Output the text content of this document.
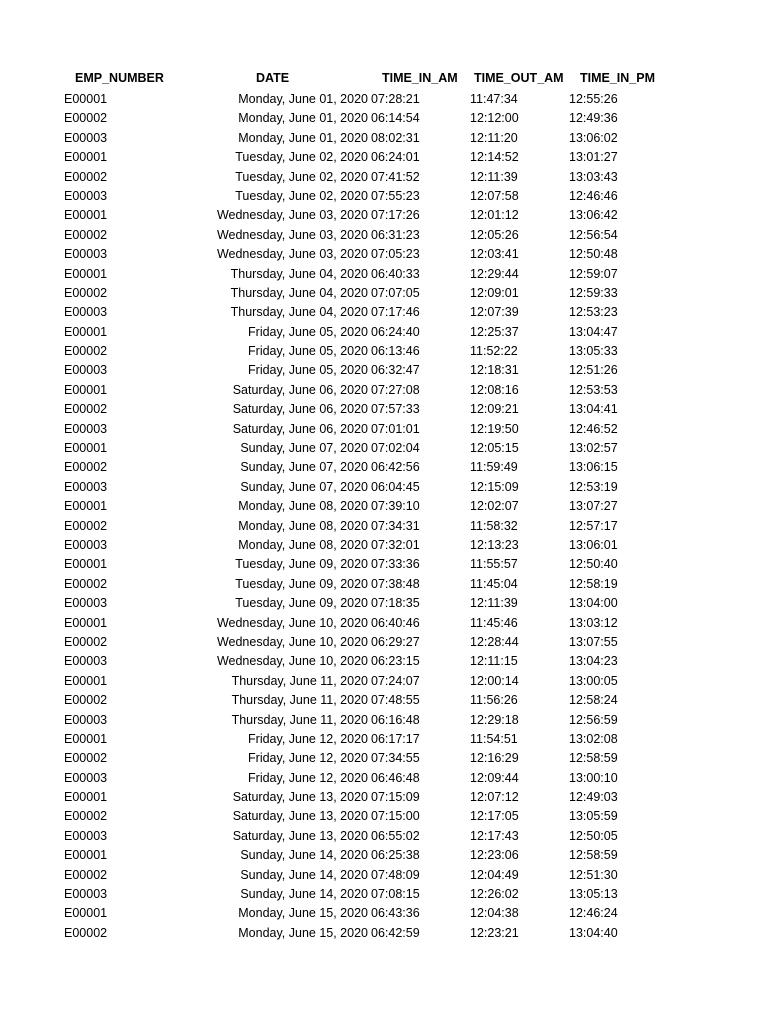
EMP_NUMBER	DATE	TIME_IN_AM	TIME_OUT_AM	TIME_IN_PM
E00001	Monday, June 01, 2020 07:28:21	11:47:34	12:55:26
E00002	Monday, June 01, 2020 06:14:54	12:12:00	12:49:36
E00003	Monday, June 01, 2020 08:02:31	12:11:20	13:06:02
E00001	Tuesday, June 02, 2020 06:24:01	12:14:52	13:01:27
E00002	Tuesday, June 02, 2020 07:41:52	12:11:39	13:03:43
E00003	Tuesday, June 02, 2020 07:55:23	12:07:58	12:46:46
E00001	Wednesday, June 03, 2020 07:17:26	12:01:12	13:06:42
E00002	Wednesday, June 03, 2020 06:31:23	12:05:26	12:56:54
E00003	Wednesday, June 03, 2020 07:05:23	12:03:41	12:50:48
E00001	Thursday, June 04, 2020 06:40:33	12:29:44	12:59:07
E00002	Thursday, June 04, 2020 07:07:05	12:09:01	12:59:33
E00003	Thursday, June 04, 2020 07:17:46	12:07:39	12:53:23
E00001	Friday, June 05, 2020 06:24:40	12:25:37	13:04:47
E00002	Friday, June 05, 2020 06:13:46	11:52:22	13:05:33
E00003	Friday, June 05, 2020 06:32:47	12:18:31	12:51:26
E00001	Saturday, June 06, 2020 07:27:08	12:08:16	12:53:53
E00002	Saturday, June 06, 2020 07:57:33	12:09:21	13:04:41
E00003	Saturday, June 06, 2020 07:01:01	12:19:50	12:46:52
E00001	Sunday, June 07, 2020 07:02:04	12:05:15	13:02:57
E00002	Sunday, June 07, 2020 06:42:56	11:59:49	13:06:15
E00003	Sunday, June 07, 2020 06:04:45	12:15:09	12:53:19
E00001	Monday, June 08, 2020 07:39:10	12:02:07	13:07:27
E00002	Monday, June 08, 2020 07:34:31	11:58:32	12:57:17
E00003	Monday, June 08, 2020 07:32:01	12:13:23	13:06:01
E00001	Tuesday, June 09, 2020 07:33:36	11:55:57	12:50:40
E00002	Tuesday, June 09, 2020 07:38:48	11:45:04	12:58:19
E00003	Tuesday, June 09, 2020 07:18:35	12:11:39	13:04:00
E00001	Wednesday, June 10, 2020 06:40:46	11:45:46	13:03:12
E00002	Wednesday, June 10, 2020 06:29:27	12:28:44	13:07:55
E00003	Wednesday, June 10, 2020 06:23:15	12:11:15	13:04:23
E00001	Thursday, June 11, 2020 07:24:07	12:00:14	13:00:05
E00002	Thursday, June 11, 2020 07:48:55	11:56:26	12:58:24
E00003	Thursday, June 11, 2020 06:16:48	12:29:18	12:56:59
E00001	Friday, June 12, 2020 06:17:17	11:54:51	13:02:08
E00002	Friday, June 12, 2020 07:34:55	12:16:29	12:58:59
E00003	Friday, June 12, 2020 06:46:48	12:09:44	13:00:10
E00001	Saturday, June 13, 2020 07:15:09	12:07:12	12:49:03
E00002	Saturday, June 13, 2020 07:15:00	12:17:05	13:05:59
E00003	Saturday, June 13, 2020 06:55:02	12:17:43	12:50:05
E00001	Sunday, June 14, 2020 06:25:38	12:23:06	12:58:59
E00002	Sunday, June 14, 2020 07:48:09	12:04:49	12:51:30
E00003	Sunday, June 14, 2020 07:08:15	12:26:02	13:05:13
E00001	Monday, June 15, 2020 06:43:36	12:04:38	12:46:24
E00002	Monday, June 15, 2020 06:42:59	12:23:21	13:04:40
